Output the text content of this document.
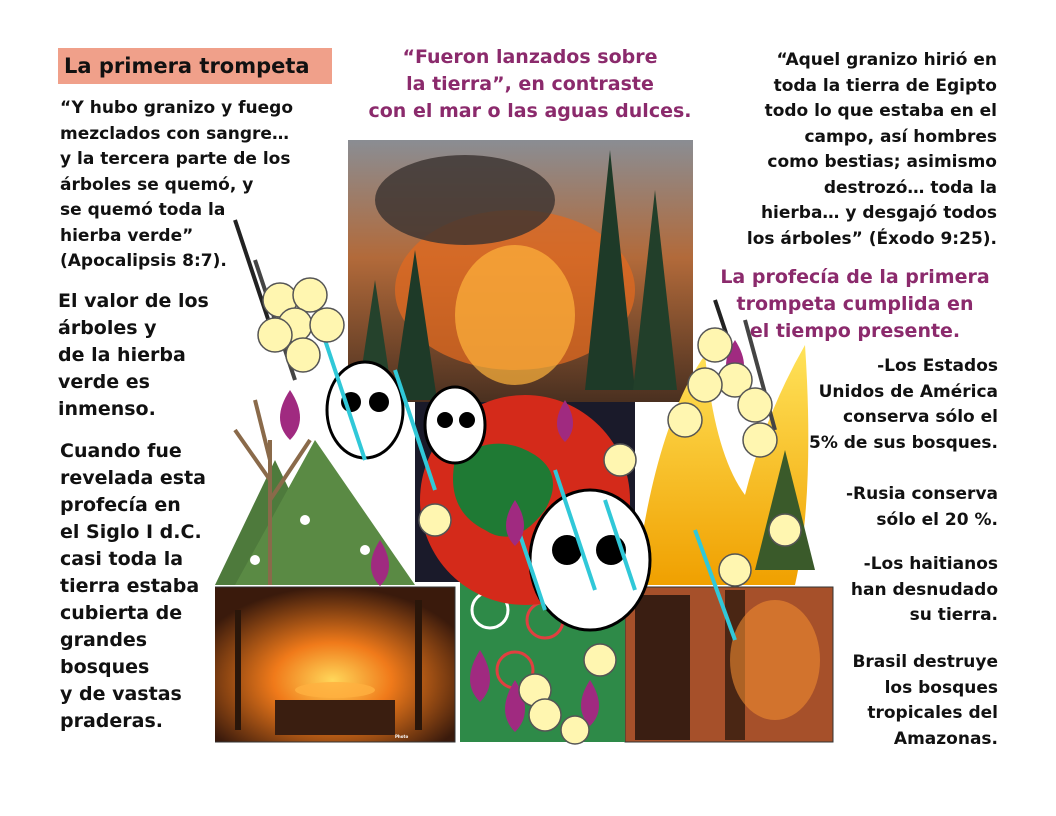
La primera trompeta	“Fueron lanzados sobre
la tierra”, en contraste
con el mar o las aguas dulces.
“Y hubo granizo y fuego
mezclados con sangre…
y la tercera parte de los
árboles se quemó, y
se quemó toda la
hierba verde”
(Apocalipsis 8:7).
El valor de los
árboles y
de la hierba
verde es
inmenso.
Cuando fue
revelada esta
profecía en
el Siglo I d.C.
casi toda la
tierra estaba
cubierta de
grandes
bosques
y de vastas
praderas.
“Aquel granizo hirió en
toda la tierra de Egipto
todo lo que estaba en el
campo, así hombres
como bestias; asimismo
destrozó… toda la
hierba… y desgajó todos
los árboles” (Éxodo 9:25).
La profecía de la primera
trompeta cumplida en
el tiempo presente.
-Los Estados
Unidos de América
conserva sólo el
5% de sus bosques.
-Rusia conserva
sólo el 20 %.
-Los haitianos
han desnudado
su tierra.
Brasil destruye
los bosques
tropicales del
Amazonas.
Photo
